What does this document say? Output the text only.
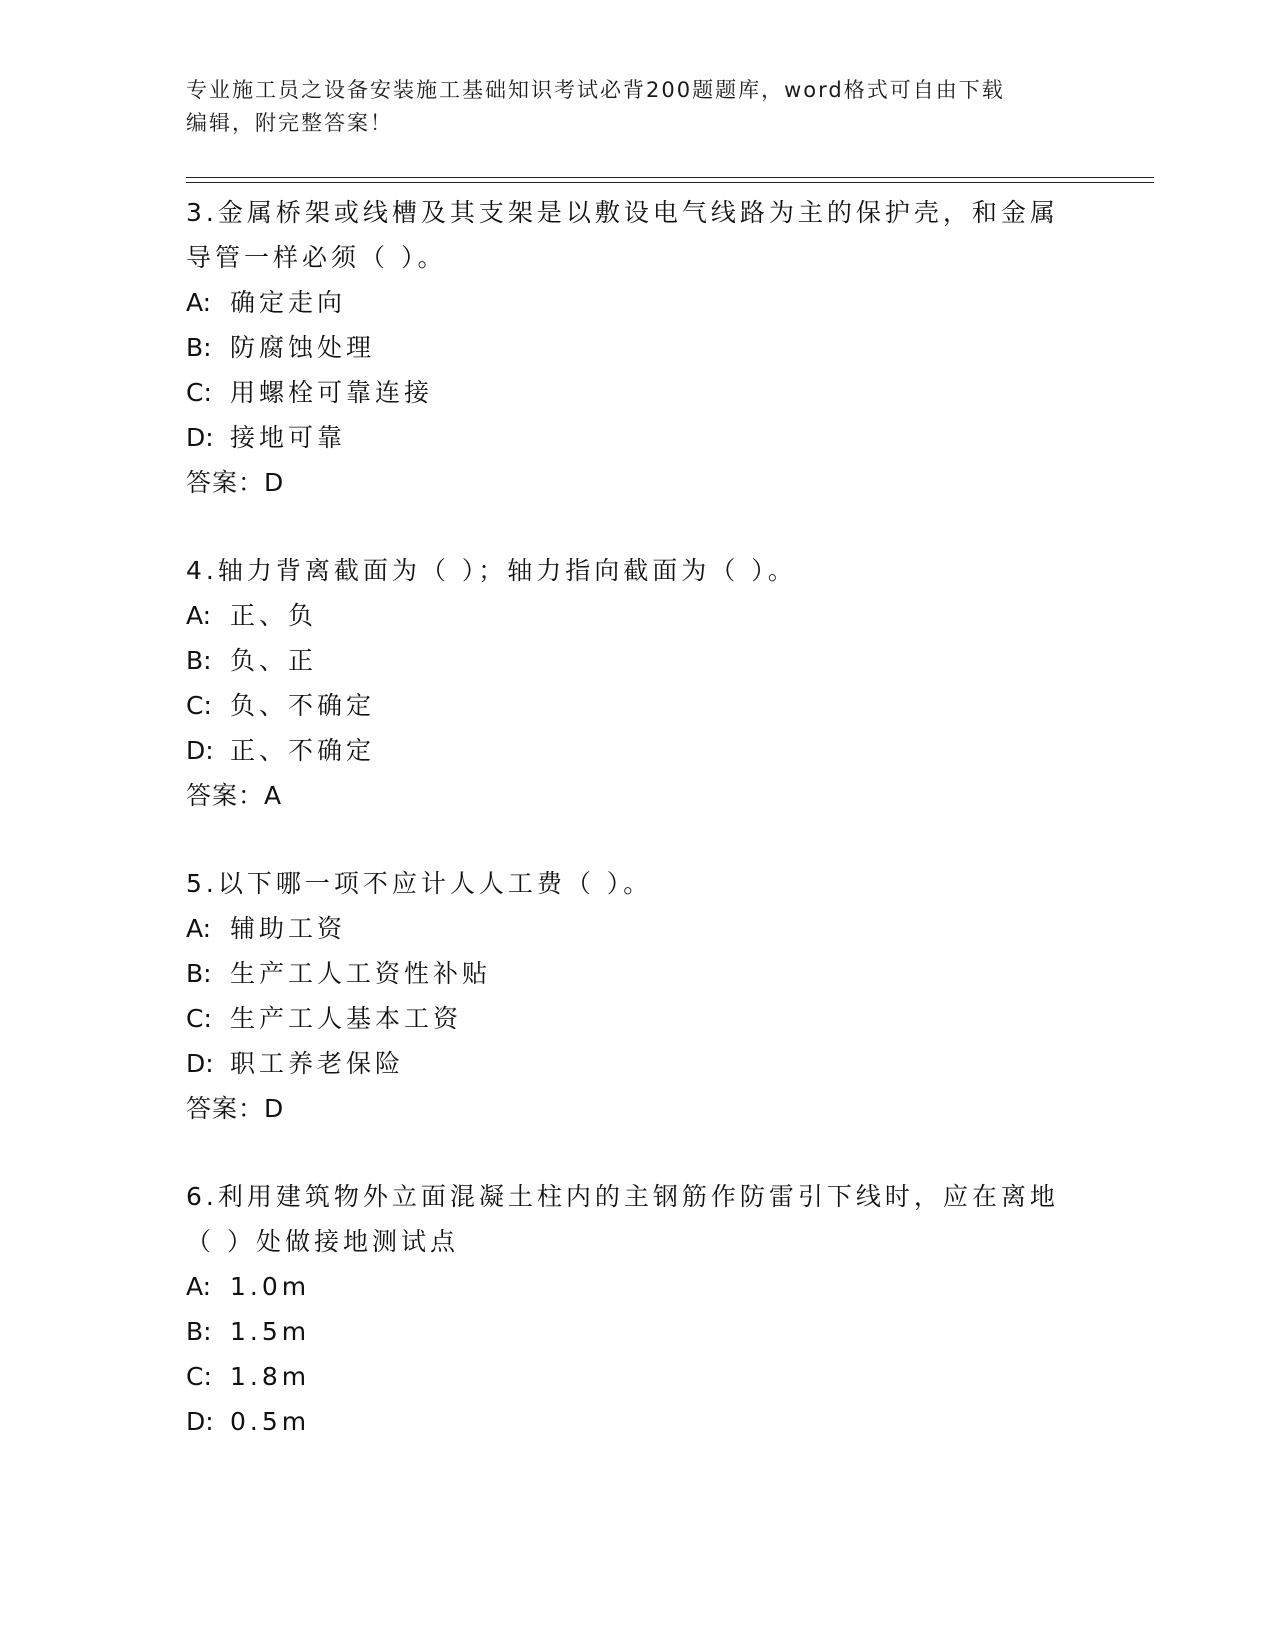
专业施工员之设备安装施工基础知识考试必背200题题库，word格式可自由下载
编辑，附完整答案！

3.金属桥架或线槽及其支架是以敷设电气线路为主的保护壳，和金属

导管一样必须（ ）。

A: 确定走向

B: 防腐蚀处理

C: 用螺栓可靠连接

D: 接地可靠

答案：D

4.轴力背离截面为（ ）；轴力指向截面为（ ）。

A: 正、负

B: 负、正

C: 负、不确定

D: 正、不确定

答案：A

5.以下哪一项不应计人人工费（ ）。

A: 辅助工资

B: 生产工人工资性补贴

C: 生产工人基本工资

D: 职工养老保险

答案：D

6.利用建筑物外立面混凝土柱内的主钢筋作防雷引下线时，应在离地

（ ）处做接地测试点

A: 1.0m

B: 1.5m

C: 1.8m

D: 0.5m
